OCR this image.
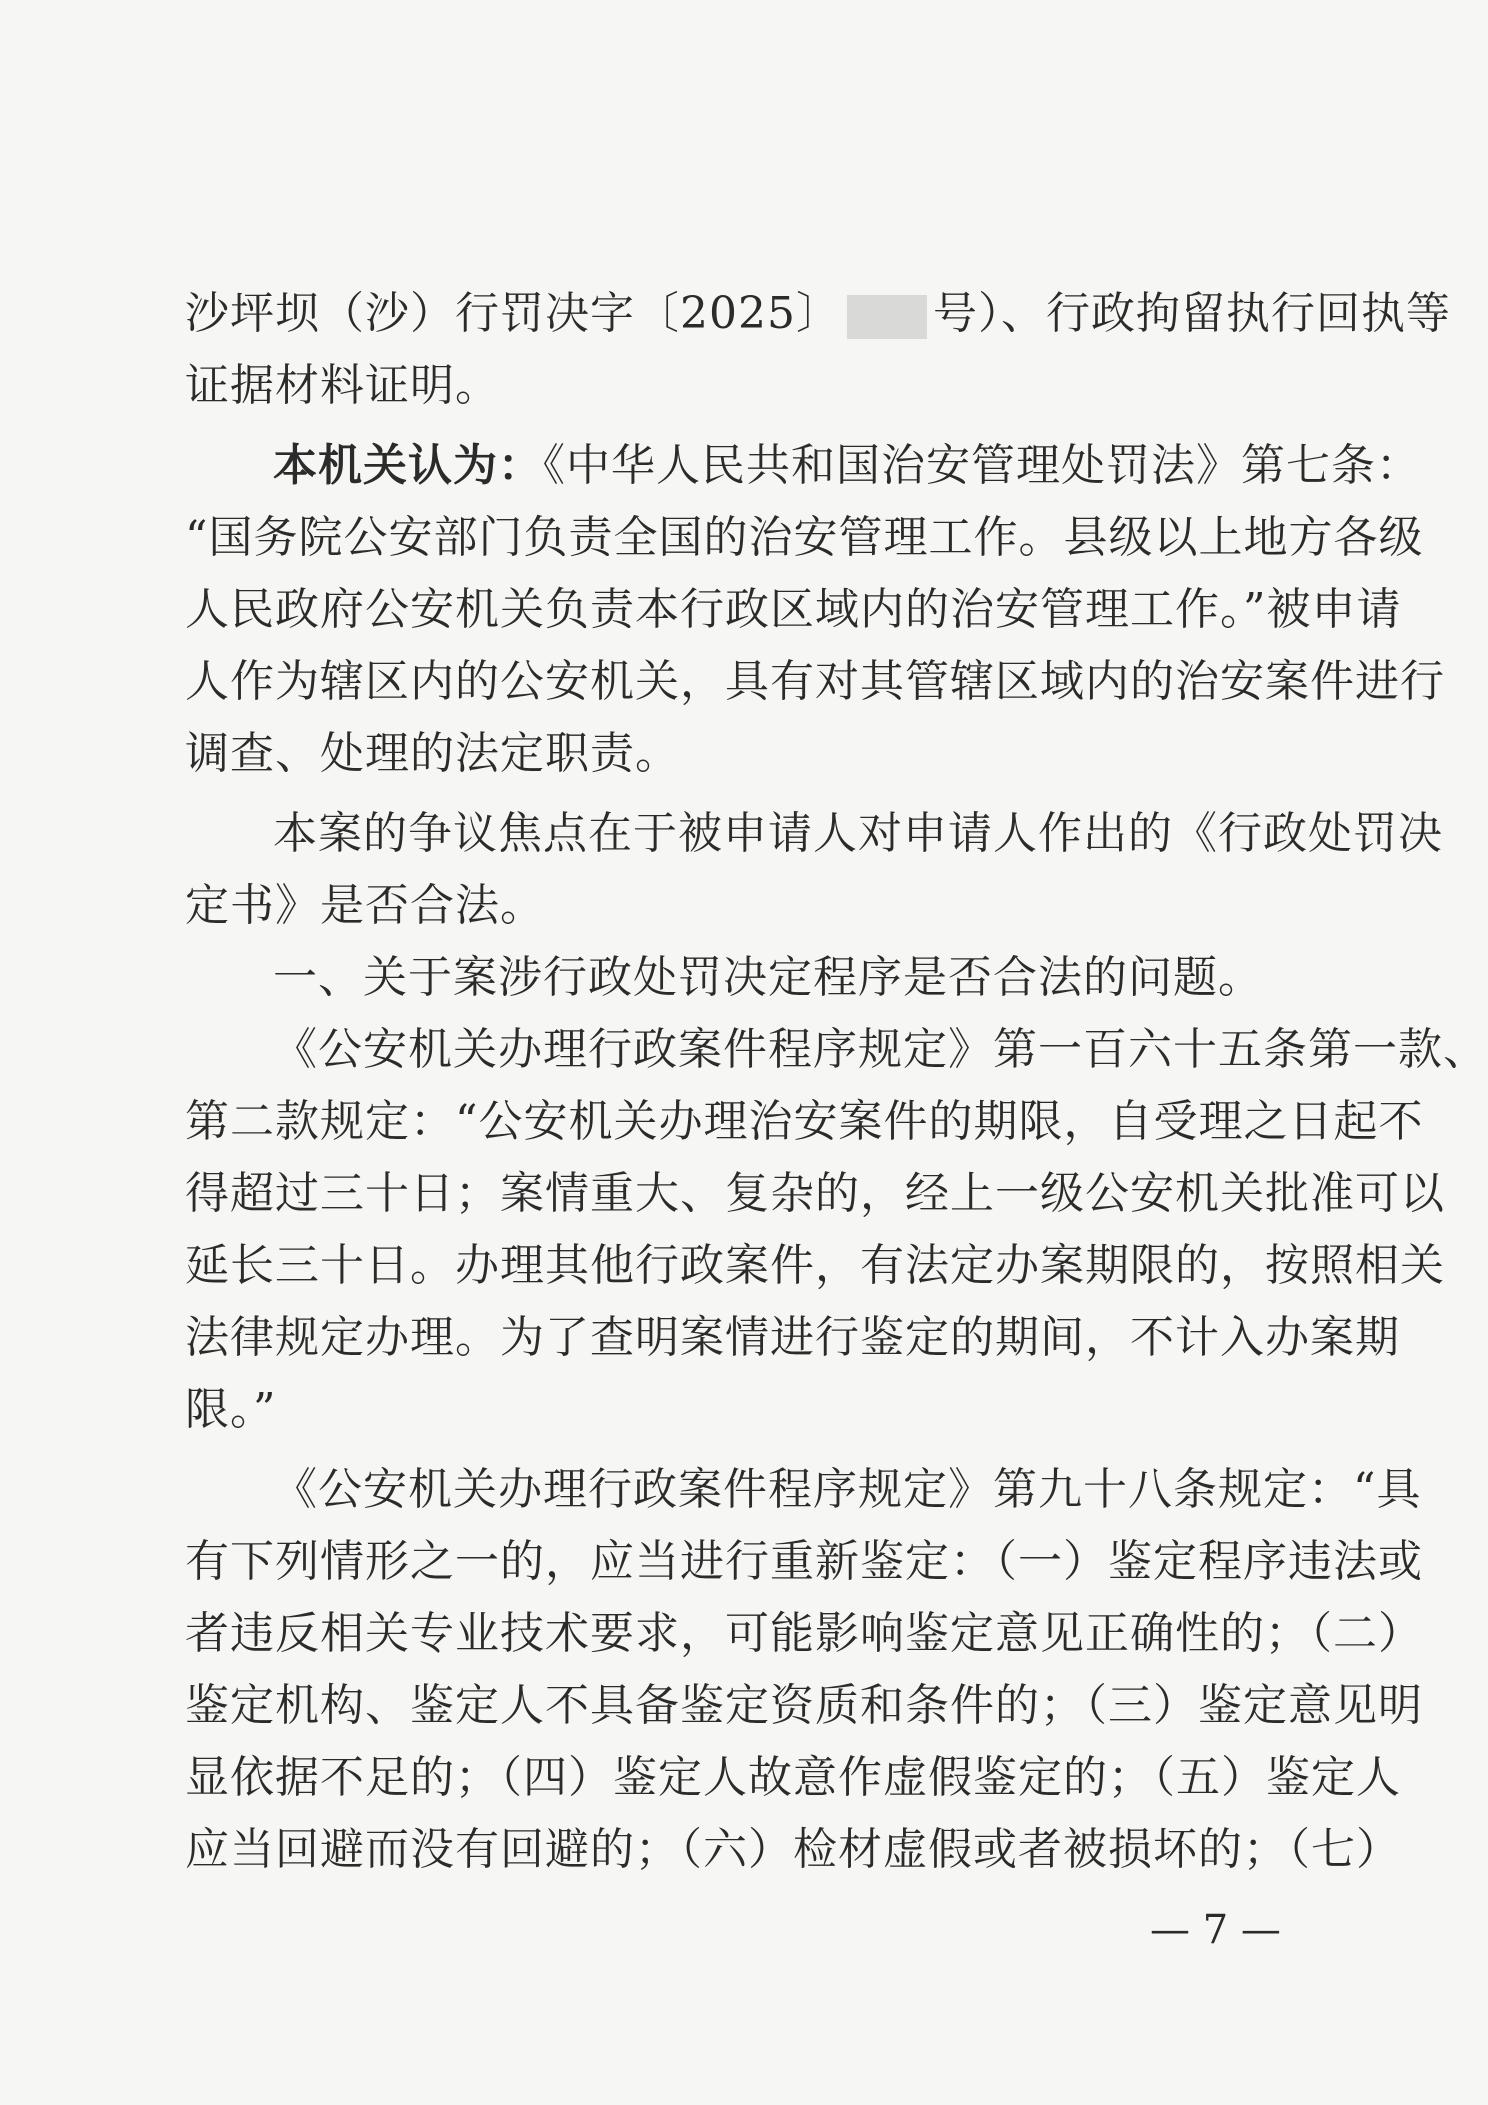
沙坪坝（沙）行罚决字〔2025〕 号）、行政拘留执行回执等
证据材料证明。
本机关认为：《中华人民共和国治安管理处罚法》第七条：
“国务院公安部门负责全国的治安管理工作。县级以上地方各级
人民政府公安机关负责本行政区域内的治安管理工作。”被申请
人作为辖区内的公安机关，具有对其管辖区域内的治安案件进行
调查、处理的法定职责。
本案的争议焦点在于被申请人对申请人作出的《行政处罚决
定书》是否合法。
一、关于案涉行政处罚决定程序是否合法的问题。
《公安机关办理行政案件程序规定》第一百六十五条第一款、
第二款规定：“公安机关办理治安案件的期限，自受理之日起不
得超过三十日；案情重大、复杂的，经上一级公安机关批准可以
延长三十日。办理其他行政案件，有法定办案期限的，按照相关
法律规定办理。为了查明案情进行鉴定的期间，不计入办案期
限。”
《公安机关办理行政案件程序规定》第九十八条规定：“具
有下列情形之一的，应当进行重新鉴定：（一）鉴定程序违法或
者违反相关专业技术要求，可能影响鉴定意见正确性的；（二）
鉴定机构、鉴定人不具备鉴定资质和条件的；（三）鉴定意见明
显依据不足的；（四）鉴定人故意作虚假鉴定的；（五）鉴定人
应当回避而没有回避的；（六）检材虚假或者被损坏的；（七）
— 7 —
